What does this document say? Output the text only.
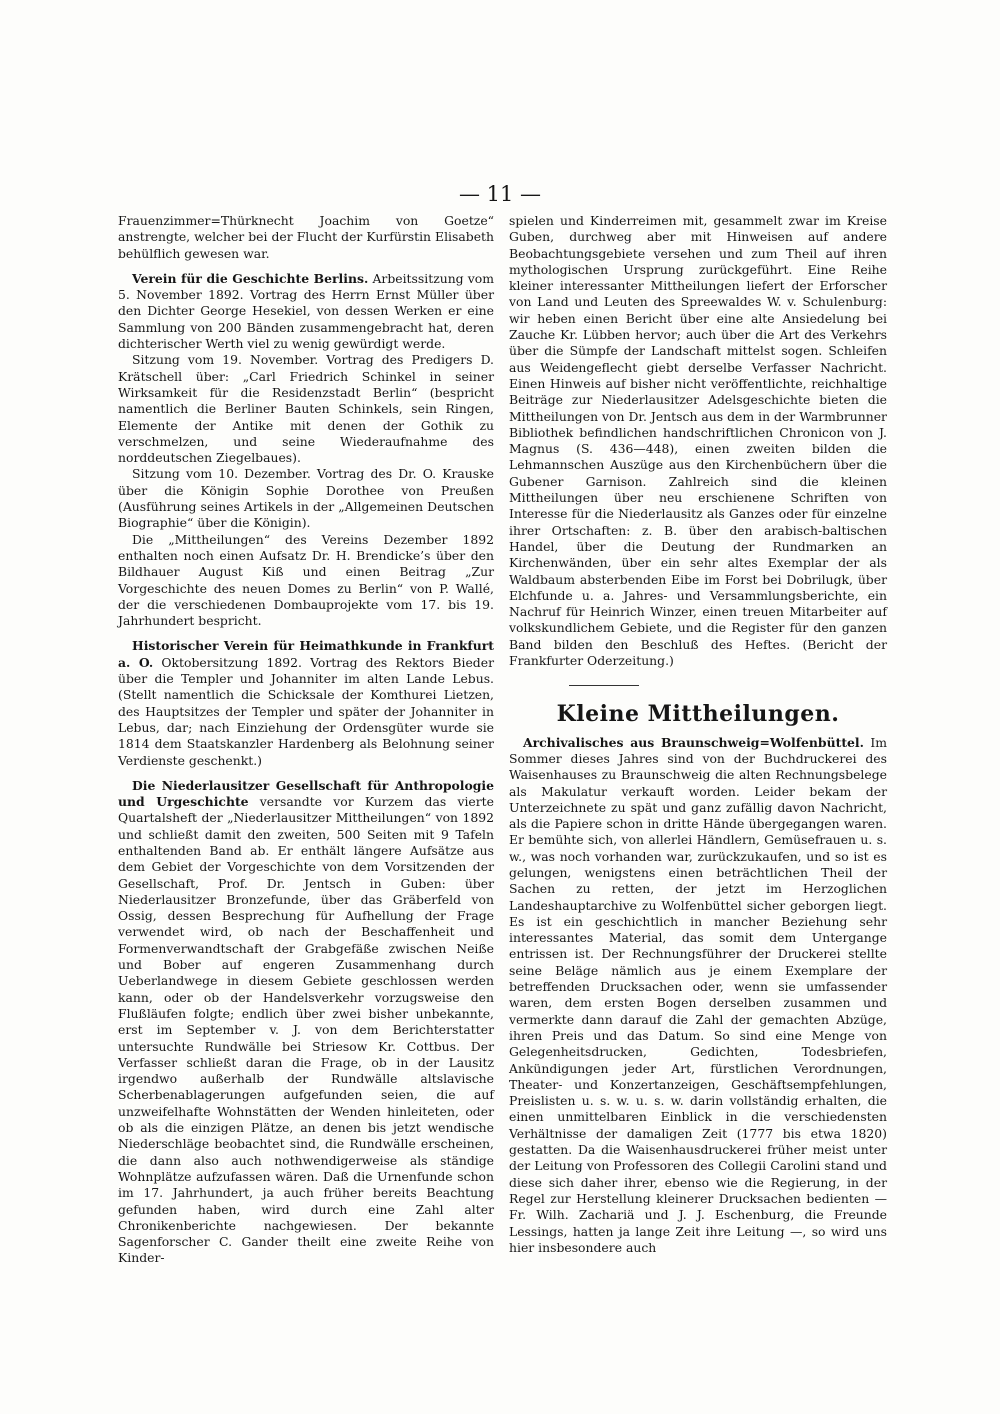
— 11 —

Frauenzimmer=Thürknecht Joachim von Goetze“ anstrengte, welcher bei der Flucht der Kurfürstin Elisabeth behülflich gewesen war.

Verein für die Geschichte Berlins. Arbeitssitzung vom 5. November 1892. Vortrag des Herrn Ernst Müller über den Dichter George Hesekiel, von dessen Werken er eine Sammlung von 200 Bänden zusammengebracht hat, deren dichterischer Werth viel zu wenig gewürdigt werde.

Sitzung vom 19. November. Vortrag des Predigers D. Krätschell über: „Carl Friedrich Schinkel in seiner Wirksamkeit für die Residenzstadt Berlin“ (bespricht namentlich die Berliner Bauten Schinkels, sein Ringen, Elemente der Antike mit denen der Gothik zu verschmelzen, und seine Wiederaufnahme des norddeutschen Ziegelbaues).

Sitzung vom 10. Dezember. Vortrag des Dr. O. Krauske über die Königin Sophie Dorothee von Preußen (Ausführung seines Artikels in der „Allgemeinen Deutschen Biographie“ über die Königin).

Die „Mittheilungen“ des Vereins Dezember 1892 enthalten noch einen Aufsatz Dr. H. Brendicke’s über den Bildhauer August Kiß und einen Beitrag „Zur Vorgeschichte des neuen Domes zu Berlin“ von P. Wallé, der die verschiedenen Dombauprojekte vom 17. bis 19. Jahrhundert bespricht.

Historischer Verein für Heimathkunde in Frankfurt a. O. Oktobersitzung 1892. Vortrag des Rektors Bieder über die Templer und Johanniter im alten Lande Lebus. (Stellt namentlich die Schicksale der Komthurei Lietzen, des Hauptsitzes der Templer und später der Johanniter in Lebus, dar; nach Einziehung der Ordensgüter wurde sie 1814 dem Staatskanzler Hardenberg als Belohnung seiner Verdienste geschenkt.)

Die Niederlausitzer Gesellschaft für Anthropologie und Urgeschichte versandte vor Kurzem das vierte Quartalsheft der „Niederlausitzer Mittheilungen“ von 1892 und schließt damit den zweiten, 500 Seiten mit 9 Tafeln enthaltenden Band ab. Er enthält längere Aufsätze aus dem Gebiet der Vorgeschichte von dem Vorsitzenden der Gesellschaft, Prof. Dr. Jentsch in Guben: über Niederlausitzer Bronzefunde, über das Gräberfeld von Ossig, dessen Besprechung für Aufhellung der Frage verwendet wird, ob nach der Beschaffenheit und Formenverwandtschaft der Grabgefäße zwischen Neiße und Bober auf engeren Zusammenhang durch Ueberlandwege in diesem Gebiete geschlossen werden kann, oder ob der Handelsverkehr vorzugsweise den Flußläufen folgte; endlich über zwei bisher unbekannte, erst im September v. J. von dem Berichterstatter untersuchte Rundwälle bei Striesow Kr. Cottbus. Der Verfasser schließt daran die Frage, ob in der Lausitz irgendwo außerhalb der Rundwälle altslavische Scherbenablagerungen aufgefunden seien, die auf unzweifelhafte Wohnstätten der Wenden hinleiteten, oder ob als die einzigen Plätze, an denen bis jetzt wendische Niederschläge beobachtet sind, die Rundwälle erscheinen, die dann also auch nothwendigerweise als ständige Wohnplätze aufzufassen wären. Daß die Urnenfunde schon im 17. Jahrhundert, ja auch früher bereits Beachtung gefunden haben, wird durch eine Zahl alter Chronikenberichte nachgewiesen. Der bekannte Sagenforscher C. Gander theilt eine zweite Reihe von Kinder-

spielen und Kinderreimen mit, gesammelt zwar im Kreise Guben, durchweg aber mit Hinweisen auf andere Beobachtungsgebiete versehen und zum Theil auf ihren mythologischen Ursprung zurückgeführt. Eine Reihe kleiner interessanter Mittheilungen liefert der Erforscher von Land und Leuten des Spreewaldes W. v. Schulenburg: wir heben einen Bericht über eine alte Ansiedelung bei Zauche Kr. Lübben hervor; auch über die Art des Verkehrs über die Sümpfe der Landschaft mittelst sogen. Schleifen aus Weidengeflecht giebt derselbe Verfasser Nachricht. Einen Hinweis auf bisher nicht veröffentlichte, reichhaltige Beiträge zur Niederlausitzer Adelsgeschichte bieten die Mittheilungen von Dr. Jentsch aus dem in der Warmbrunner Bibliothek befindlichen handschriftlichen Chronicon von J. Magnus (S. 436—448), einen zweiten bilden die Lehmannschen Auszüge aus den Kirchenbüchern über die Gubener Garnison. Zahlreich sind die kleinen Mittheilungen über neu erschienene Schriften von Interesse für die Niederlausitz als Ganzes oder für einzelne ihrer Ortschaften: z. B. über den arabisch-baltischen Handel, über die Deutung der Rundmarken an Kirchenwänden, über ein sehr altes Exemplar der als Waldbaum absterbenden Eibe im Forst bei Dobrilugk, über Elchfunde u. a. Jahres- und Versammlungsberichte, ein Nachruf für Heinrich Winzer, einen treuen Mitarbeiter auf volkskundlichem Gebiete, und die Register für den ganzen Band bilden den Beschluß des Heftes. (Bericht der Frankfurter Oderzeitung.)

Kleine Mittheilungen.

Archivalisches aus Braunschweig=Wolfenbüttel. Im Sommer dieses Jahres sind von der Buchdruckerei des Waisenhauses zu Braunschweig die alten Rechnungsbelege als Makulatur verkauft worden. Leider bekam der Unterzeichnete zu spät und ganz zufällig davon Nachricht, als die Papiere schon in dritte Hände übergegangen waren. Er bemühte sich, von allerlei Händlern, Gemüsefrauen u. s. w., was noch vorhanden war, zurückzukaufen, und so ist es gelungen, wenigstens einen beträchtlichen Theil der Sachen zu retten, der jetzt im Herzoglichen Landeshauptarchive zu Wolfenbüttel sicher geborgen liegt. Es ist ein geschichtlich in mancher Beziehung sehr interessantes Material, das somit dem Untergange entrissen ist. Der Rechnungsführer der Druckerei stellte seine Beläge nämlich aus je einem Exemplare der betreffenden Drucksachen oder, wenn sie umfassender waren, dem ersten Bogen derselben zusammen und vermerkte dann darauf die Zahl der gemachten Abzüge, ihren Preis und das Datum. So sind eine Menge von Gelegenheitsdrucken, Gedichten, Todesbriefen, Ankündigungen jeder Art, fürstlichen Verordnungen, Theater- und Konzertanzeigen, Geschäftsempfehlungen, Preislisten u. s. w. u. s. w. darin vollständig erhalten, die einen unmittelbaren Einblick in die verschiedensten Verhältnisse der damaligen Zeit (1777 bis etwa 1820) gestatten. Da die Waisenhausdruckerei früher meist unter der Leitung von Professoren des Collegii Carolini stand und diese sich daher ihrer, ebenso wie die Regierung, in der Regel zur Herstellung kleinerer Drucksachen bedienten — Fr. Wilh. Zachariä und J. J. Eschenburg, die Freunde Lessings, hatten ja lange Zeit ihre Leitung —, so wird uns hier insbesondere auch
